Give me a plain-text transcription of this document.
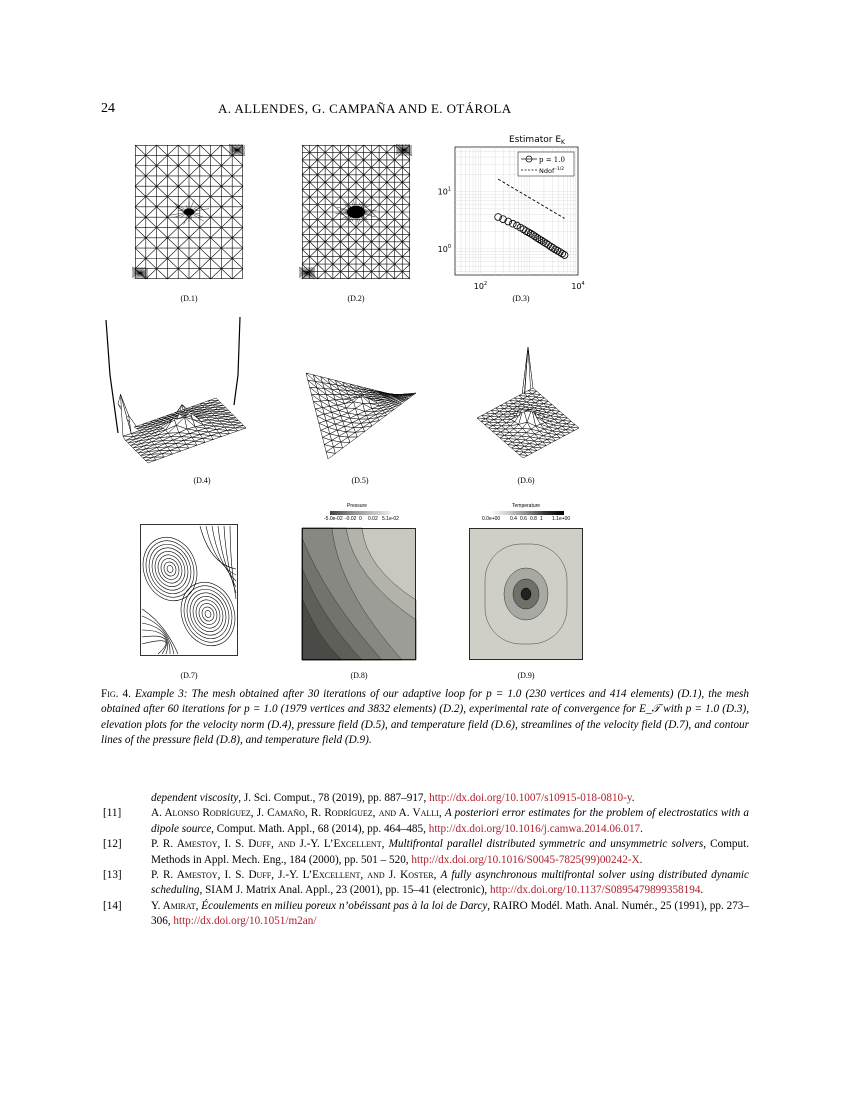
24	A. ALLENDES, G. CAMPAÑA AND E. OTÁROLA
Estimator $E_K$
$10^2$	$10^4$
$10^0$
$10^1$
p = 1.0
Ndof$^{-1/2}$
(D.1)	(D.2)	(D.3)
(D.4)	(D.5)	(D.6)
Pressure
-5.0e-02 -0.02 0 0.02 5.1e-02
Temperature
0.0e+00 0.4 0.6 0.8 1 1.1e+00
(D.7)	(D.8)	(D.9)
Fig. 4. Example 3: The mesh obtained after 30 iterations of our adaptive loop for p = 1.0 (230 vertices and 414 elements) (D.1), the mesh obtained after 60 iterations for p = 1.0 (1979 vertices and 3832 elements) (D.2), experimental rate of convergence for E_𝒯 with p = 1.0 (D.3), elevation plots for the velocity norm (D.4), pressure field (D.5), and temperature field (D.6), streamlines of the velocity field (D.7), and contour lines of the pressure field (D.8), and temperature field (D.9).
dependent viscosity, J. Sci. Comput., 78 (2019), pp. 887–917, http://dx.doi.org/10.1007/s10915-018-0810-y.
[11]	A. Alonso Rodríguez, J. Camaño, R. Rodríguez, and A. Valli, A posteriori error estimates for the problem of electrostatics with a dipole source, Comput. Math. Appl., 68 (2014), pp. 464–485, http://dx.doi.org/10.1016/j.camwa.2014.06.017.
[12]	P. R. Amestoy, I. S. Duff, and J.-Y. L’Excellent, Multifrontal parallel distributed symmetric and unsymmetric solvers, Comput. Methods in Appl. Mech. Eng., 184 (2000), pp. 501 – 520, http://dx.doi.org/10.1016/S0045-7825(99)00242-X.
[13]	P. R. Amestoy, I. S. Duff, J.-Y. L’Excellent, and J. Koster, A fully asynchronous multifrontal solver using distributed dynamic scheduling, SIAM J. Matrix Anal. Appl., 23 (2001), pp. 15–41 (electronic), http://dx.doi.org/10.1137/S0895479899358194.
[14]	Y. Amirat, Écoulements en milieu poreux n’obéissant pas à la loi de Darcy, RAIRO Modél. Math. Anal. Numér., 25 (1991), pp. 273–306, http://dx.doi.org/10.1051/m2an/
